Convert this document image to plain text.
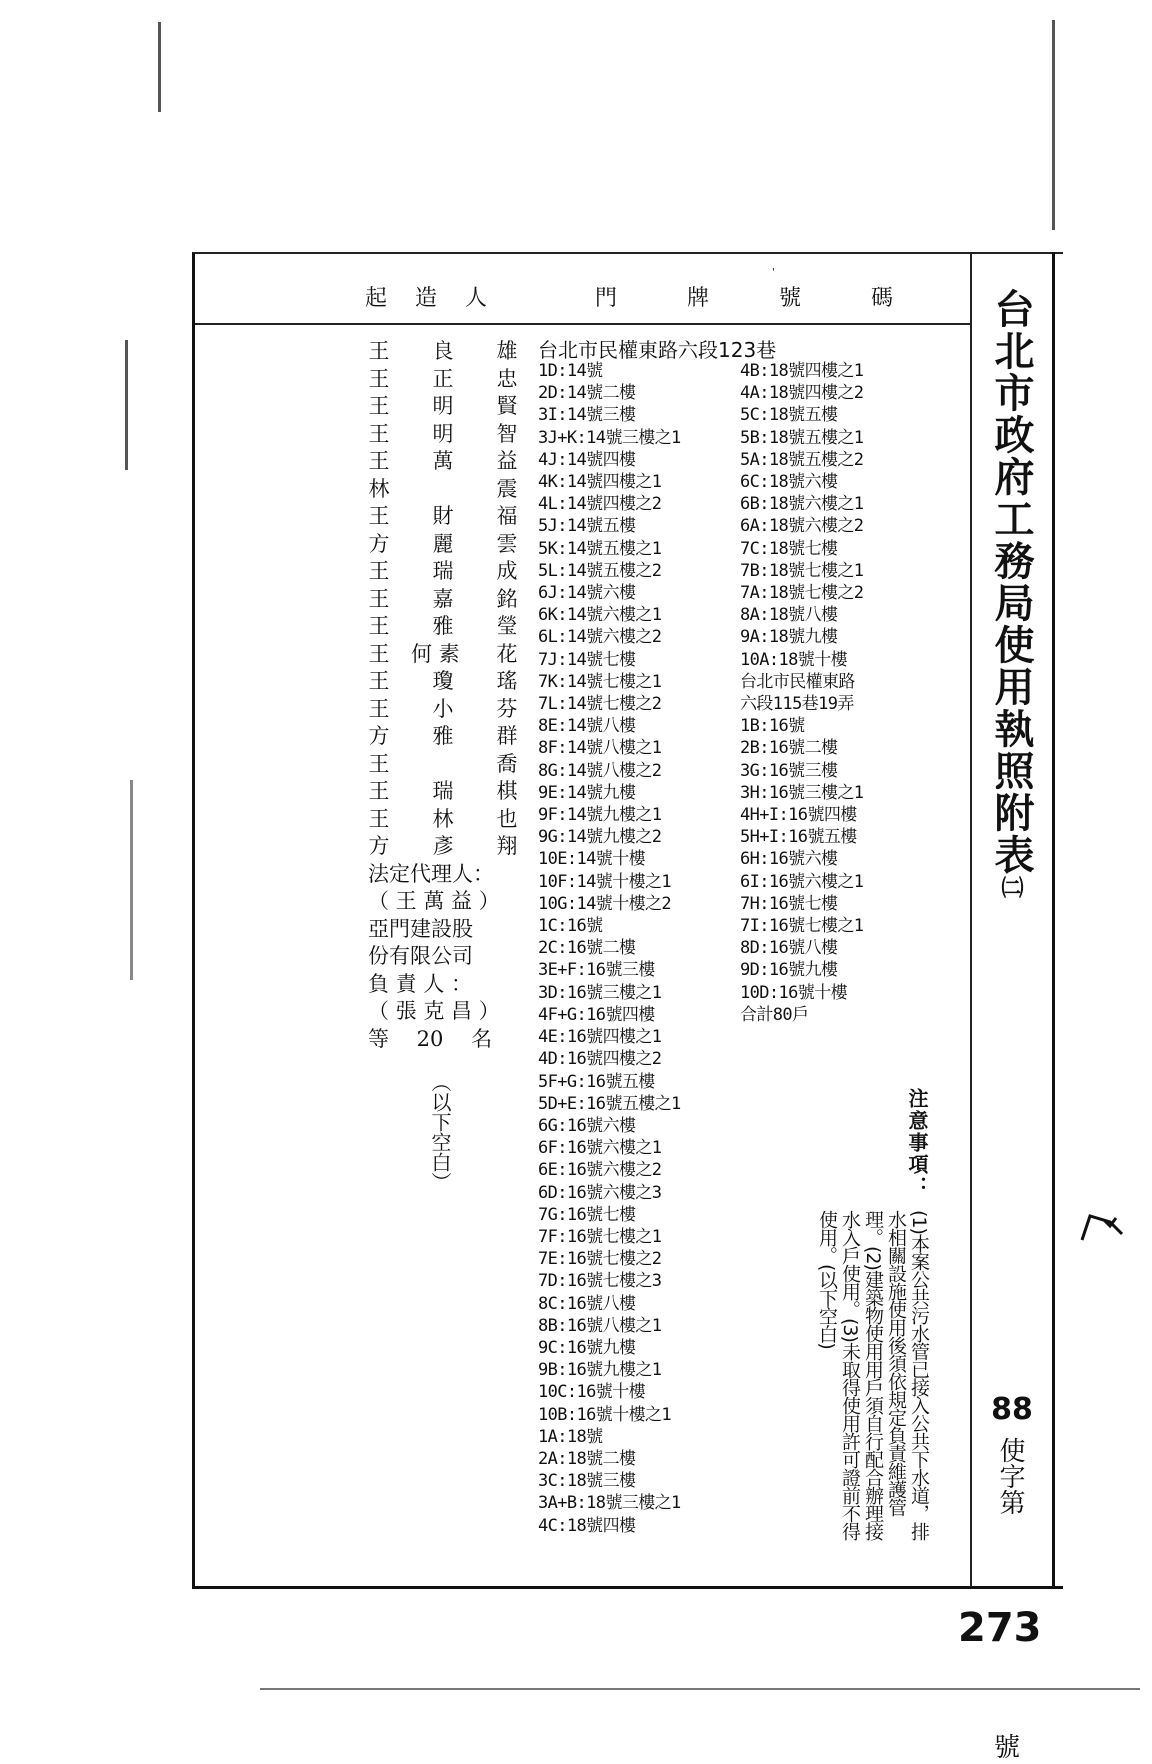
起造人	門牌號碼
'
王 良 雄
王 正 忠
王 明 賢
王 明 智
王 萬 益
林	震
王 財 福
方 麗 雲
王 瑞 成
王 嘉 銘
王 雅 瑩
王 何 素	花
王 瓊 瑤
王 小 芬
方 雅 群
王	喬
王 瑞 棋
王 林 也
方 彥 翔
法定代理人：
（ 王 萬 益 ）
亞門建設股
份有限公司
負 責 人 ：
（ 張 克 昌 ）
等　 20　 名
（以下空白）
台北市民權東路六段123巷
1D:14號
2D:14號二樓
3I:14號三樓
3J+K:14號三樓之1
4J:14號四樓
4K:14號四樓之1
4L:14號四樓之2
5J:14號五樓
5K:14號五樓之1
5L:14號五樓之2
6J:14號六樓
6K:14號六樓之1
6L:14號六樓之2
7J:14號七樓
7K:14號七樓之1
7L:14號七樓之2
8E:14號八樓
8F:14號八樓之1
8G:14號八樓之2
9E:14號九樓
9F:14號九樓之1
9G:14號九樓之2
10E:14號十樓
10F:14號十樓之1
10G:14號十樓之2
1C:16號
2C:16號二樓
3E+F:16號三樓
3D:16號三樓之1
4F+G:16號四樓
4E:16號四樓之1
4D:16號四樓之2
5F+G:16號五樓
5D+E:16號五樓之1
6G:16號六樓
6F:16號六樓之1
6E:16號六樓之2
6D:16號六樓之3
7G:16號七樓
7F:16號七樓之1
7E:16號七樓之2
7D:16號七樓之3
8C:16號八樓
8B:16號八樓之1
9C:16號九樓
9B:16號九樓之1
10C:16號十樓
10B:16號十樓之1
1A:18號
2A:18號二樓
3C:18號三樓
3A+B:18號三樓之1
4C:18號四樓
4B:18號四樓之1
4A:18號四樓之2
5C:18號五樓
5B:18號五樓之1
5A:18號五樓之2
6C:18號六樓
6B:18號六樓之1
6A:18號六樓之2
7C:18號七樓
7B:18號七樓之1
7A:18號七樓之2
8A:18號八樓
9A:18號九樓
10A:18號十樓
台北市民權東路
六段115巷19弄
1B:16號
2B:16號二樓
3G:16號三樓
3H:16號三樓之1
4H+I:16號四樓
5H+I:16號五樓
6H:16號六樓
6I:16號六樓之1
7H:16號七樓
7I:16號七樓之1
8D:16號八樓
9D:16號九樓
10D:16號十樓
合計80戶
注意事項：
(1)本案公共污水管已接入公共下水道，排水相關設施使用後須依規定負責維護管理。(2)建築物使用用戶須自行配合辦理接水入戶使用。(3)未取得使用許可證前不得使用。(以下空白)
台北市政府工務局使用執照附表㈡
88
使字第
273
號
